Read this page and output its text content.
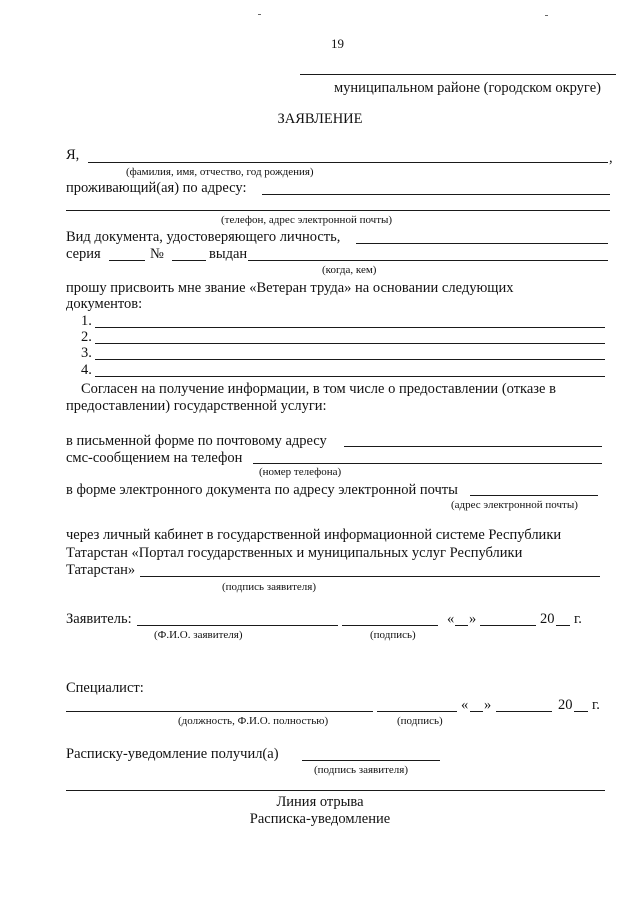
19
муниципальном районе (городском округе)
ЗАЯВЛЕНИЕ
Я,	,
(фамилия, имя, отчество, год рождения)
проживающий(ая) по адресу:
(телефон, адрес электронной почты)
Вид документа, удостоверяющего личность,
серия	№	выдан
(когда, кем)
прошу присвоить мне звание «Ветеран труда» на основании следующих
документов:
1.
2.
3.
4.
Согласен на получение информации, в том числе о предоставлении (отказе в
предоставлении) государственной услуги:
в письменной форме по почтовому адресу
смс-сообщением на телефон
(номер телефона)
в форме электронного документа по адресу электронной почты
(адрес электронной почты)
через личный кабинет в государственной информационной системе Республики
Татарстан «Портал государственных и муниципальных услуг Республики
Татарстан»
(подпись заявителя)
Заявитель:	« »	20 г.
(Ф.И.О. заявителя)	(подпись)
Специалист:
« »	20 г.
(должность, Ф.И.О. полностью)	(подпись)
Расписку-уведомление получил(а)
(подпись заявителя)
Линия отрыва
Расписка-уведомление
